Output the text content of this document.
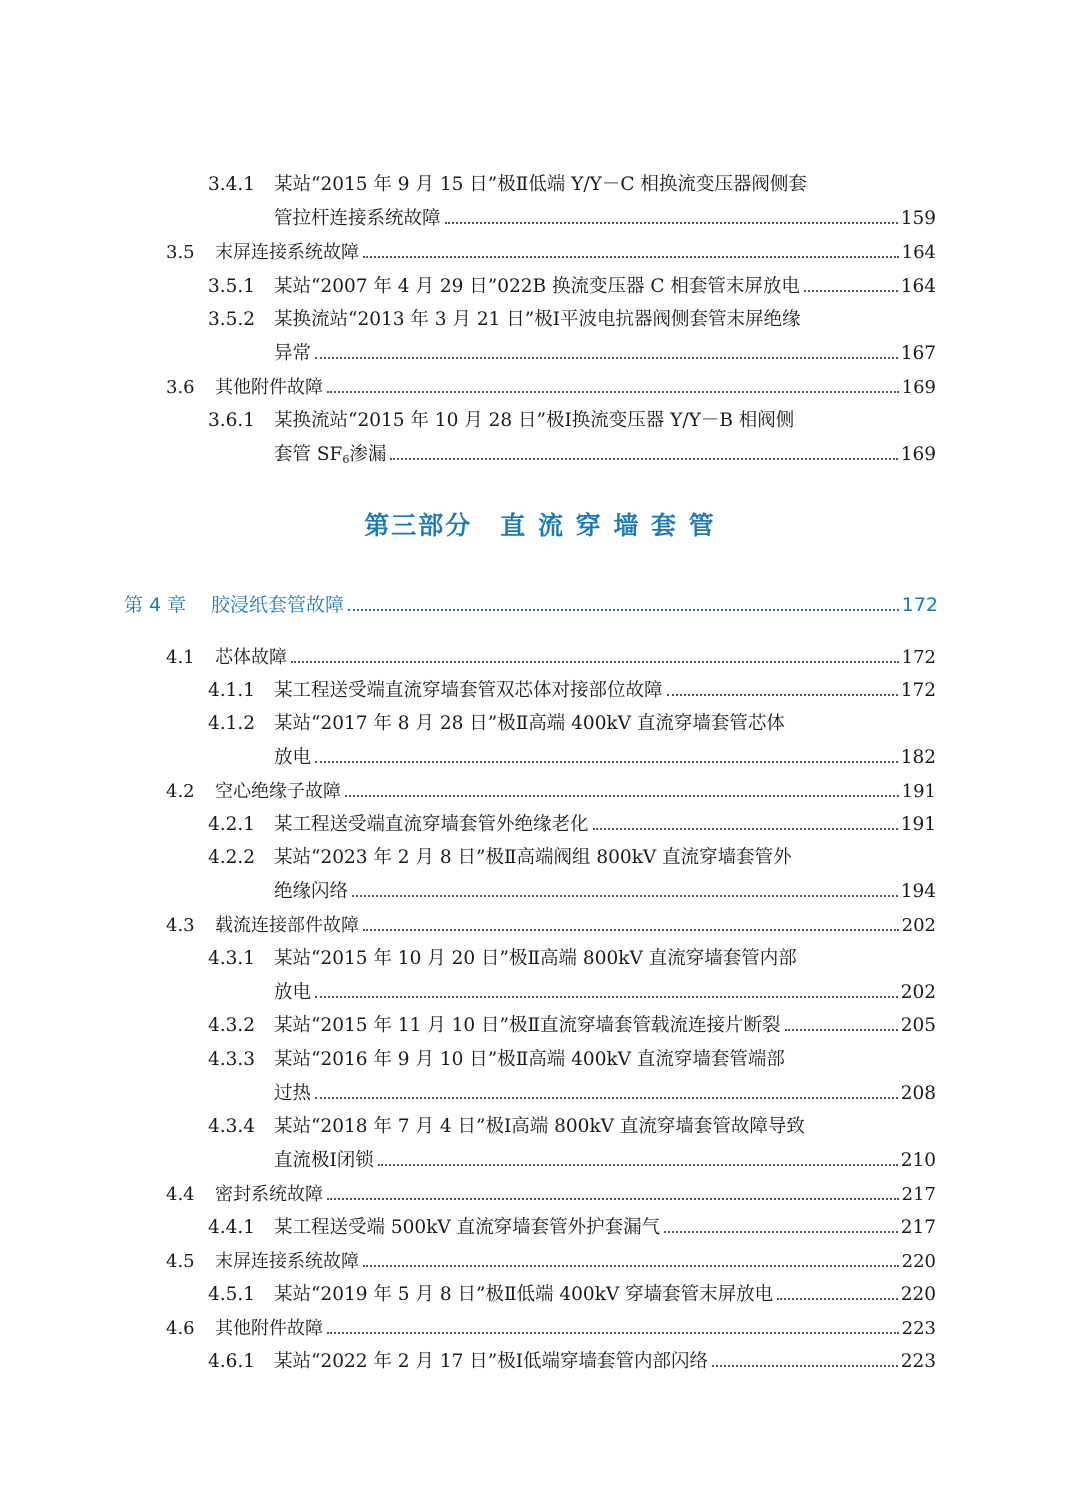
3.4.1 某站“2015 年 9 月 15 日”极Ⅱ低端 Y/Y－C 相换流变压器阀侧套
管拉杆连接系统故障	159
3.5 末屏连接系统故障	164
3.5.1 某站“2007 年 4 月 29 日”022B 换流变压器 C 相套管末屏放电	164
3.5.2 某换流站“2013 年 3 月 21 日”极Ⅰ平波电抗器阀侧套管末屏绝缘
异常	167
3.6 其他附件故障	169
3.6.1 某换流站“2015 年 10 月 28 日”极Ⅰ换流变压器 Y/Y－B 相阀侧
套管 $SF_6$渗漏	169
第三部分 直 流 穿 墙 套 管
第 4 章 胶浸纸套管故障	172
4.1 芯体故障	172
4.1.1 某工程送受端直流穿墙套管双芯体对接部位故障	172
4.1.2 某站“2017 年 8 月 28 日”极Ⅱ高端 400kV 直流穿墙套管芯体
放电	182
4.2 空心绝缘子故障	191
4.2.1 某工程送受端直流穿墙套管外绝缘老化	191
4.2.2 某站“2023 年 2 月 8 日”极Ⅱ高端阀组 800kV 直流穿墙套管外
绝缘闪络	194
4.3 载流连接部件故障	202
4.3.1 某站“2015 年 10 月 20 日”极Ⅱ高端 800kV 直流穿墙套管内部
放电	202
4.3.2 某站“2015 年 11 月 10 日”极Ⅱ直流穿墙套管载流连接片断裂	205
4.3.3 某站“2016 年 9 月 10 日”极Ⅱ高端 400kV 直流穿墙套管端部
过热	208
4.3.4 某站“2018 年 7 月 4 日”极Ⅰ高端 800kV 直流穿墙套管故障导致
直流极Ⅰ闭锁	210
4.4 密封系统故障	217
4.4.1 某工程送受端 500kV 直流穿墙套管外护套漏气	217
4.5 末屏连接系统故障	220
4.5.1 某站“2019 年 5 月 8 日”极Ⅱ低端 400kV 穿墙套管末屏放电	220
4.6 其他附件故障	223
4.6.1 某站“2022 年 2 月 17 日”极Ⅰ低端穿墙套管内部闪络	223
